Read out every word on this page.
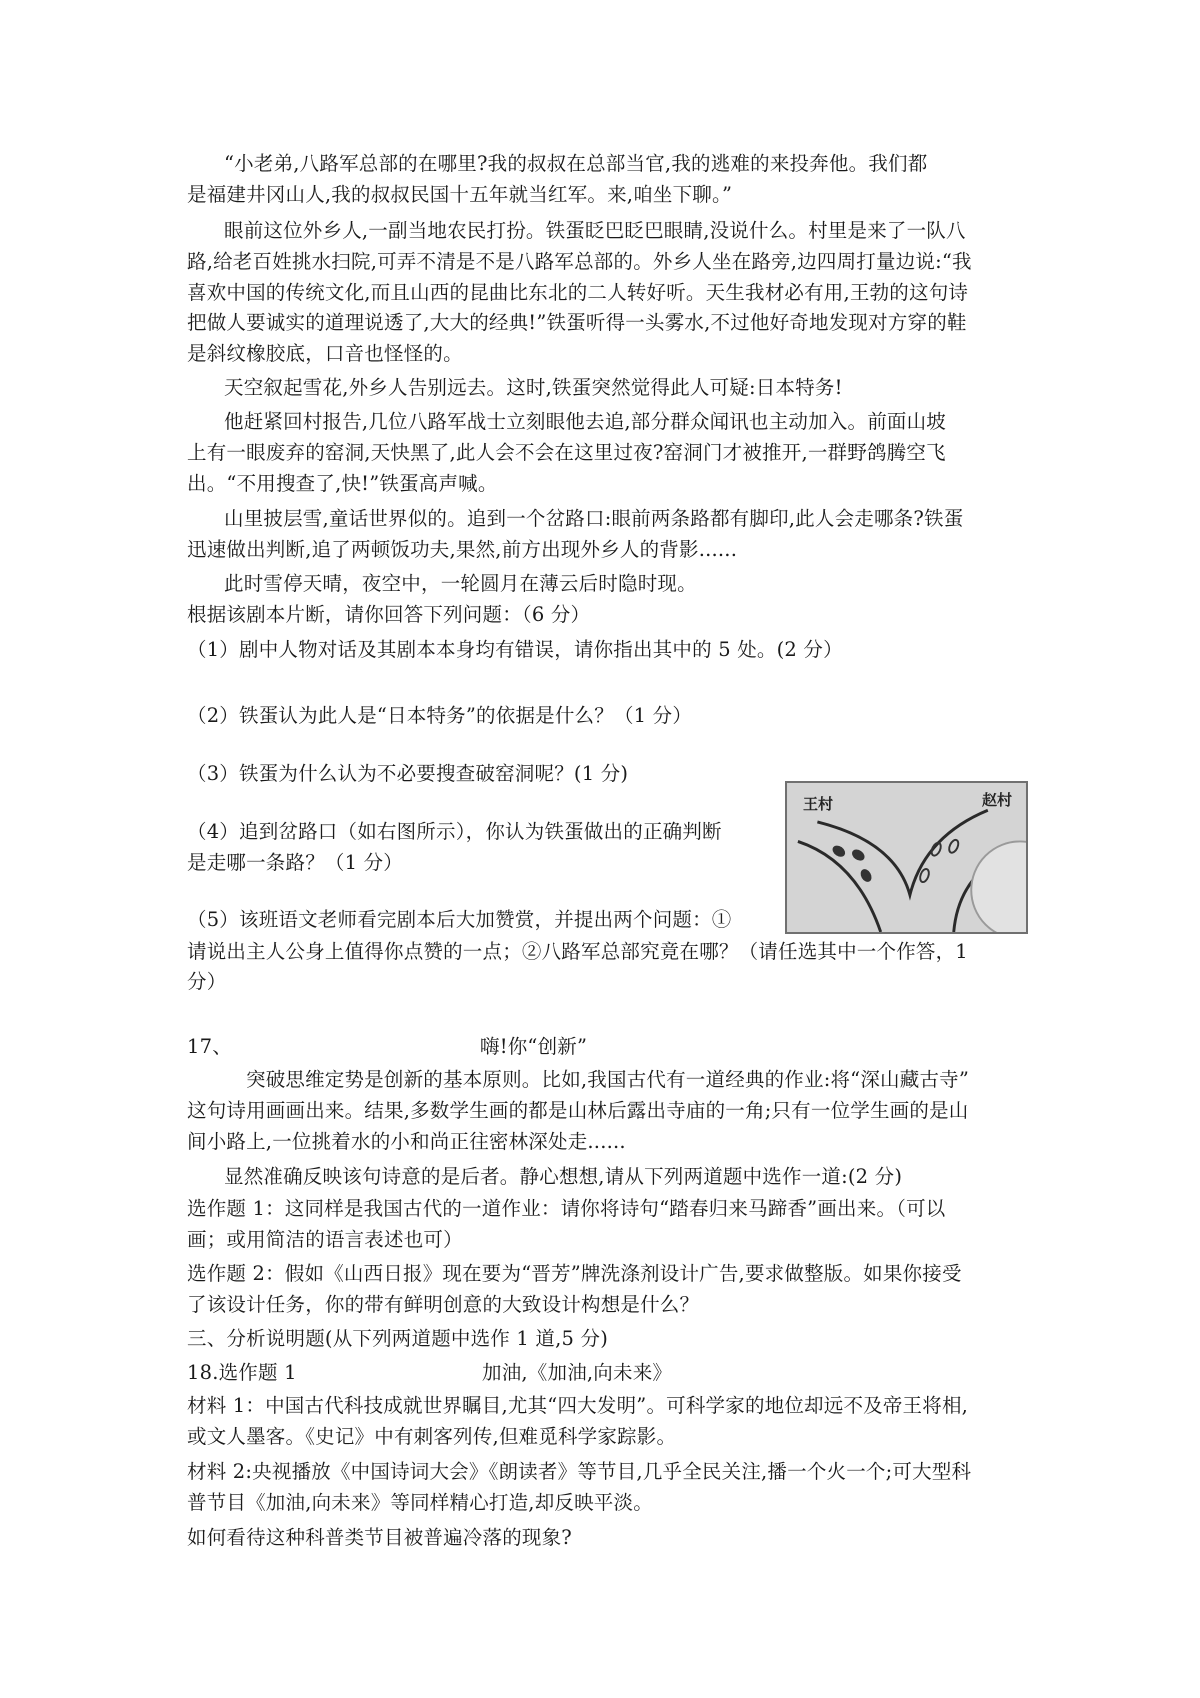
“小老弟,八路军总部的在哪里?我的叔叔在总部当官,我的逃难的来投奔他。我们都
是福建井冈山人,我的叔叔民国十五年就当红军。来,咱坐下聊。”
眼前这位外乡人,一副当地农民打扮。铁蛋眨巴眨巴眼睛,没说什么。村里是来了一队八
路,给老百姓挑水扫院,可弄不清是不是八路军总部的。外乡人坐在路旁,边四周打量边说:“我
喜欢中国的传统文化,而且山西的昆曲比东北的二人转好听。天生我材必有用,王勃的这句诗
把做人要诚实的道理说透了,大大的经典!”铁蛋听得一头雾水,不过他好奇地发现对方穿的鞋
是斜纹橡胶底，口音也怪怪的。
天空叙起雪花,外乡人告别远去。这时,铁蛋突然觉得此人可疑:日本特务!
他赶紧回村报告,几位八路军战士立刻眼他去追,部分群众闻讯也主动加入。前面山坡
上有一眼废弃的窑洞,天快黑了,此人会不会在这里过夜?窑洞门才被推开,一群野鸽腾空飞
出。“不用搜查了,快!”铁蛋高声喊。
山里披层雪,童话世界似的。追到一个岔路口:眼前两条路都有脚印,此人会走哪条?铁蛋
迅速做出判断,追了两顿饭功夫,果然,前方出现外乡人的背影......
此时雪停天晴，夜空中，一轮圆月在薄云后时隐时现。
根据该剧本片断，请你回答下列问题：（6 分）
（1）剧中人物对话及其剧本本身均有错误，请你指出其中的 5 处。(2 分）
（2）铁蛋认为此人是“日本特务”的依据是什么？（1 分）
（3）铁蛋为什么认为不必要搜查破窑洞呢？(1 分)
（4）追到岔路口（如右图所示），你认为铁蛋做出的正确判断
是走哪一条路？（1 分）
王村	赵村
（5）该班语文老师看完剧本后大加赞赏，并提出两个问题：①
请说出主人公身上值得你点赞的一点；②八路军总部究竟在哪？（请任选其中一个作答，1
分）
17、	嗨!你“创新”
突破思维定势是创新的基本原则。比如,我国古代有一道经典的作业:将“深山藏古寺”
这句诗用画画出来。结果,多数学生画的都是山林后露出寺庙的一角;只有一位学生画的是山
间小路上,一位挑着水的小和尚正往密林深处走......
显然准确反映该句诗意的是后者。静心想想,请从下列两道题中选作一道:(2 分)
选作题 1：这同样是我国古代的一道作业：请你将诗句“踏春归来马蹄香”画出来。（可以
画；或用简洁的语言表述也可）
选作题 2：假如《山西日报》现在要为“晋芳”牌洗涤剂设计广告,要求做整版。如果你接受
了该设计任务，你的带有鲜明创意的大致设计构想是什么？
三、分析说明题(从下列两道题中选作 1 道,5 分)
18.选作题 1	加油,《加油,向未来》
材料 1：中国古代科技成就世界瞩目,尤其“四大发明”。可科学家的地位却远不及帝王将相,
或文人墨客。《史记》中有刺客列传,但难觅科学家踪影。
材料 2:央视播放《中国诗词大会》《朗读者》等节目,几乎全民关注,播一个火一个;可大型科
普节目《加油,向未来》等同样精心打造,却反映平淡。
如何看待这种科普类节目被普遍冷落的现象?
